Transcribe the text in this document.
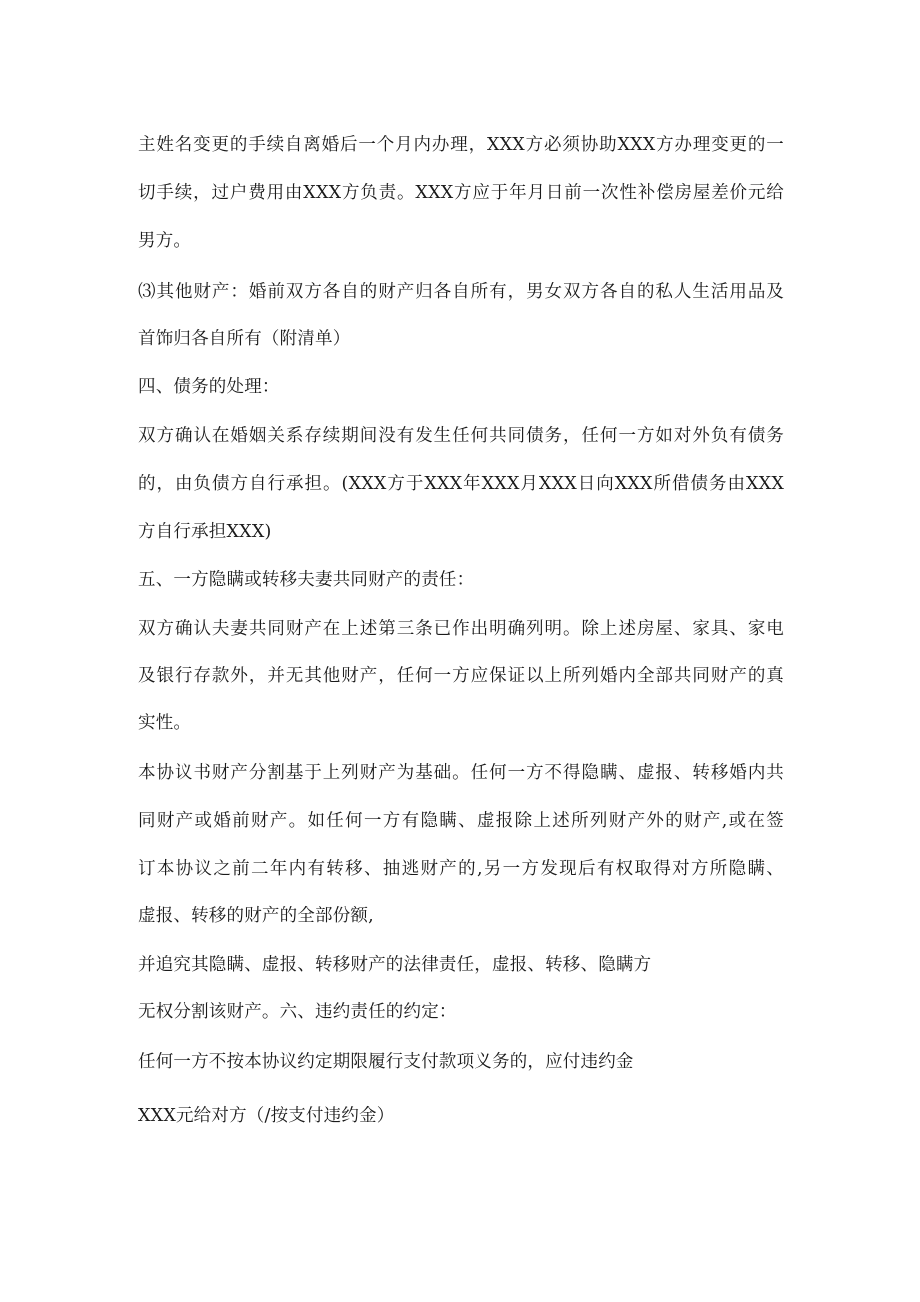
主姓名变更的手续自离婚后一个月内办理，XXX方必须协助XXX方办理变更的一
切手续，过户费用由XXX方负责。XXX方应于年月日前一次性补偿房屋差价元给
男方。
⑶其他财产：婚前双方各自的财产归各自所有，男女双方各自的私人生活用品及
首饰归各自所有（附清单）
四、债务的处理：
双方确认在婚姻关系存续期间没有发生任何共同债务，任何一方如对外负有债务
的，由负债方自行承担。(XXX方于XXX年XXX月XXX日向XXX所借债务由XXX
方自行承担XXX)
五、一方隐瞒或转移夫妻共同财产的责任：
双方确认夫妻共同财产在上述第三条已作出明确列明。除上述房屋、家具、家电
及银行存款外，并无其他财产，任何一方应保证以上所列婚内全部共同财产的真
实性。
本协议书财产分割基于上列财产为基础。任何一方不得隐瞒、虚报、转移婚内共
同财产或婚前财产。如任何一方有隐瞒、虚报除上述所列财产外的财产,或在签
订本协议之前二年内有转移、抽逃财产的,另一方发现后有权取得对方所隐瞒、
虚报、转移的财产的全部份额,
并追究其隐瞒、虚报、转移财产的法律责任，虚报、转移、隐瞒方
无权分割该财产。六、违约责任的约定：
任何一方不按本协议约定期限履行支付款项义务的，应付违约金
XXX元给对方（/按支付违约金）
